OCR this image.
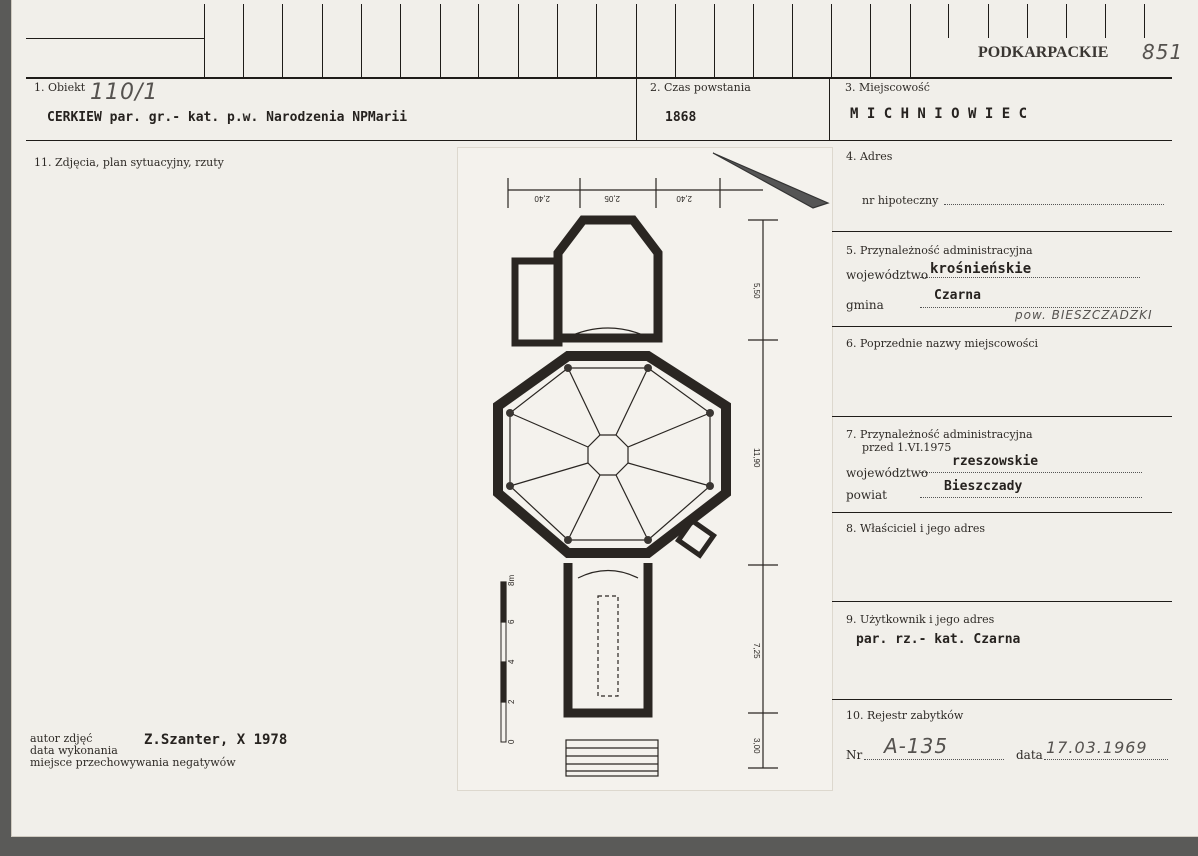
PODKARPACKIE 851
1. Obiekt 110/1
CERKIEW par. gr.- kat. p.w. Narodzenia NPMarii
2. Czas powstania
1868
3. Miejscowość
M I C H N I O W I E C
11. Zdjęcia, plan sytuacyjny, rzuty
2,40	2,05	2,40
5,50
11,90
7,25
3,00
0
2
4
6
8m
4. Adres
nr hipoteczny
5. Przynależność administracyjna
województwo krośnieńskie
gmina
Czarna
pow. BIESZCZADZKI
6. Poprzednie nazwy miejscowości
7. Przynależność administracyjna
przed 1.VI.1975
województwo
rzeszowskie
powiat
Bieszczady
8. Właściciel i jego adres
9. Użytkownik i jego adres
par. rz.- kat. Czarna
10. Rejestr zabytków
Nr A-135	data 17.03.1969
autor zdjęć
data wykonania
miejsce przechowywania negatywów
Z.Szanter, X 1978
